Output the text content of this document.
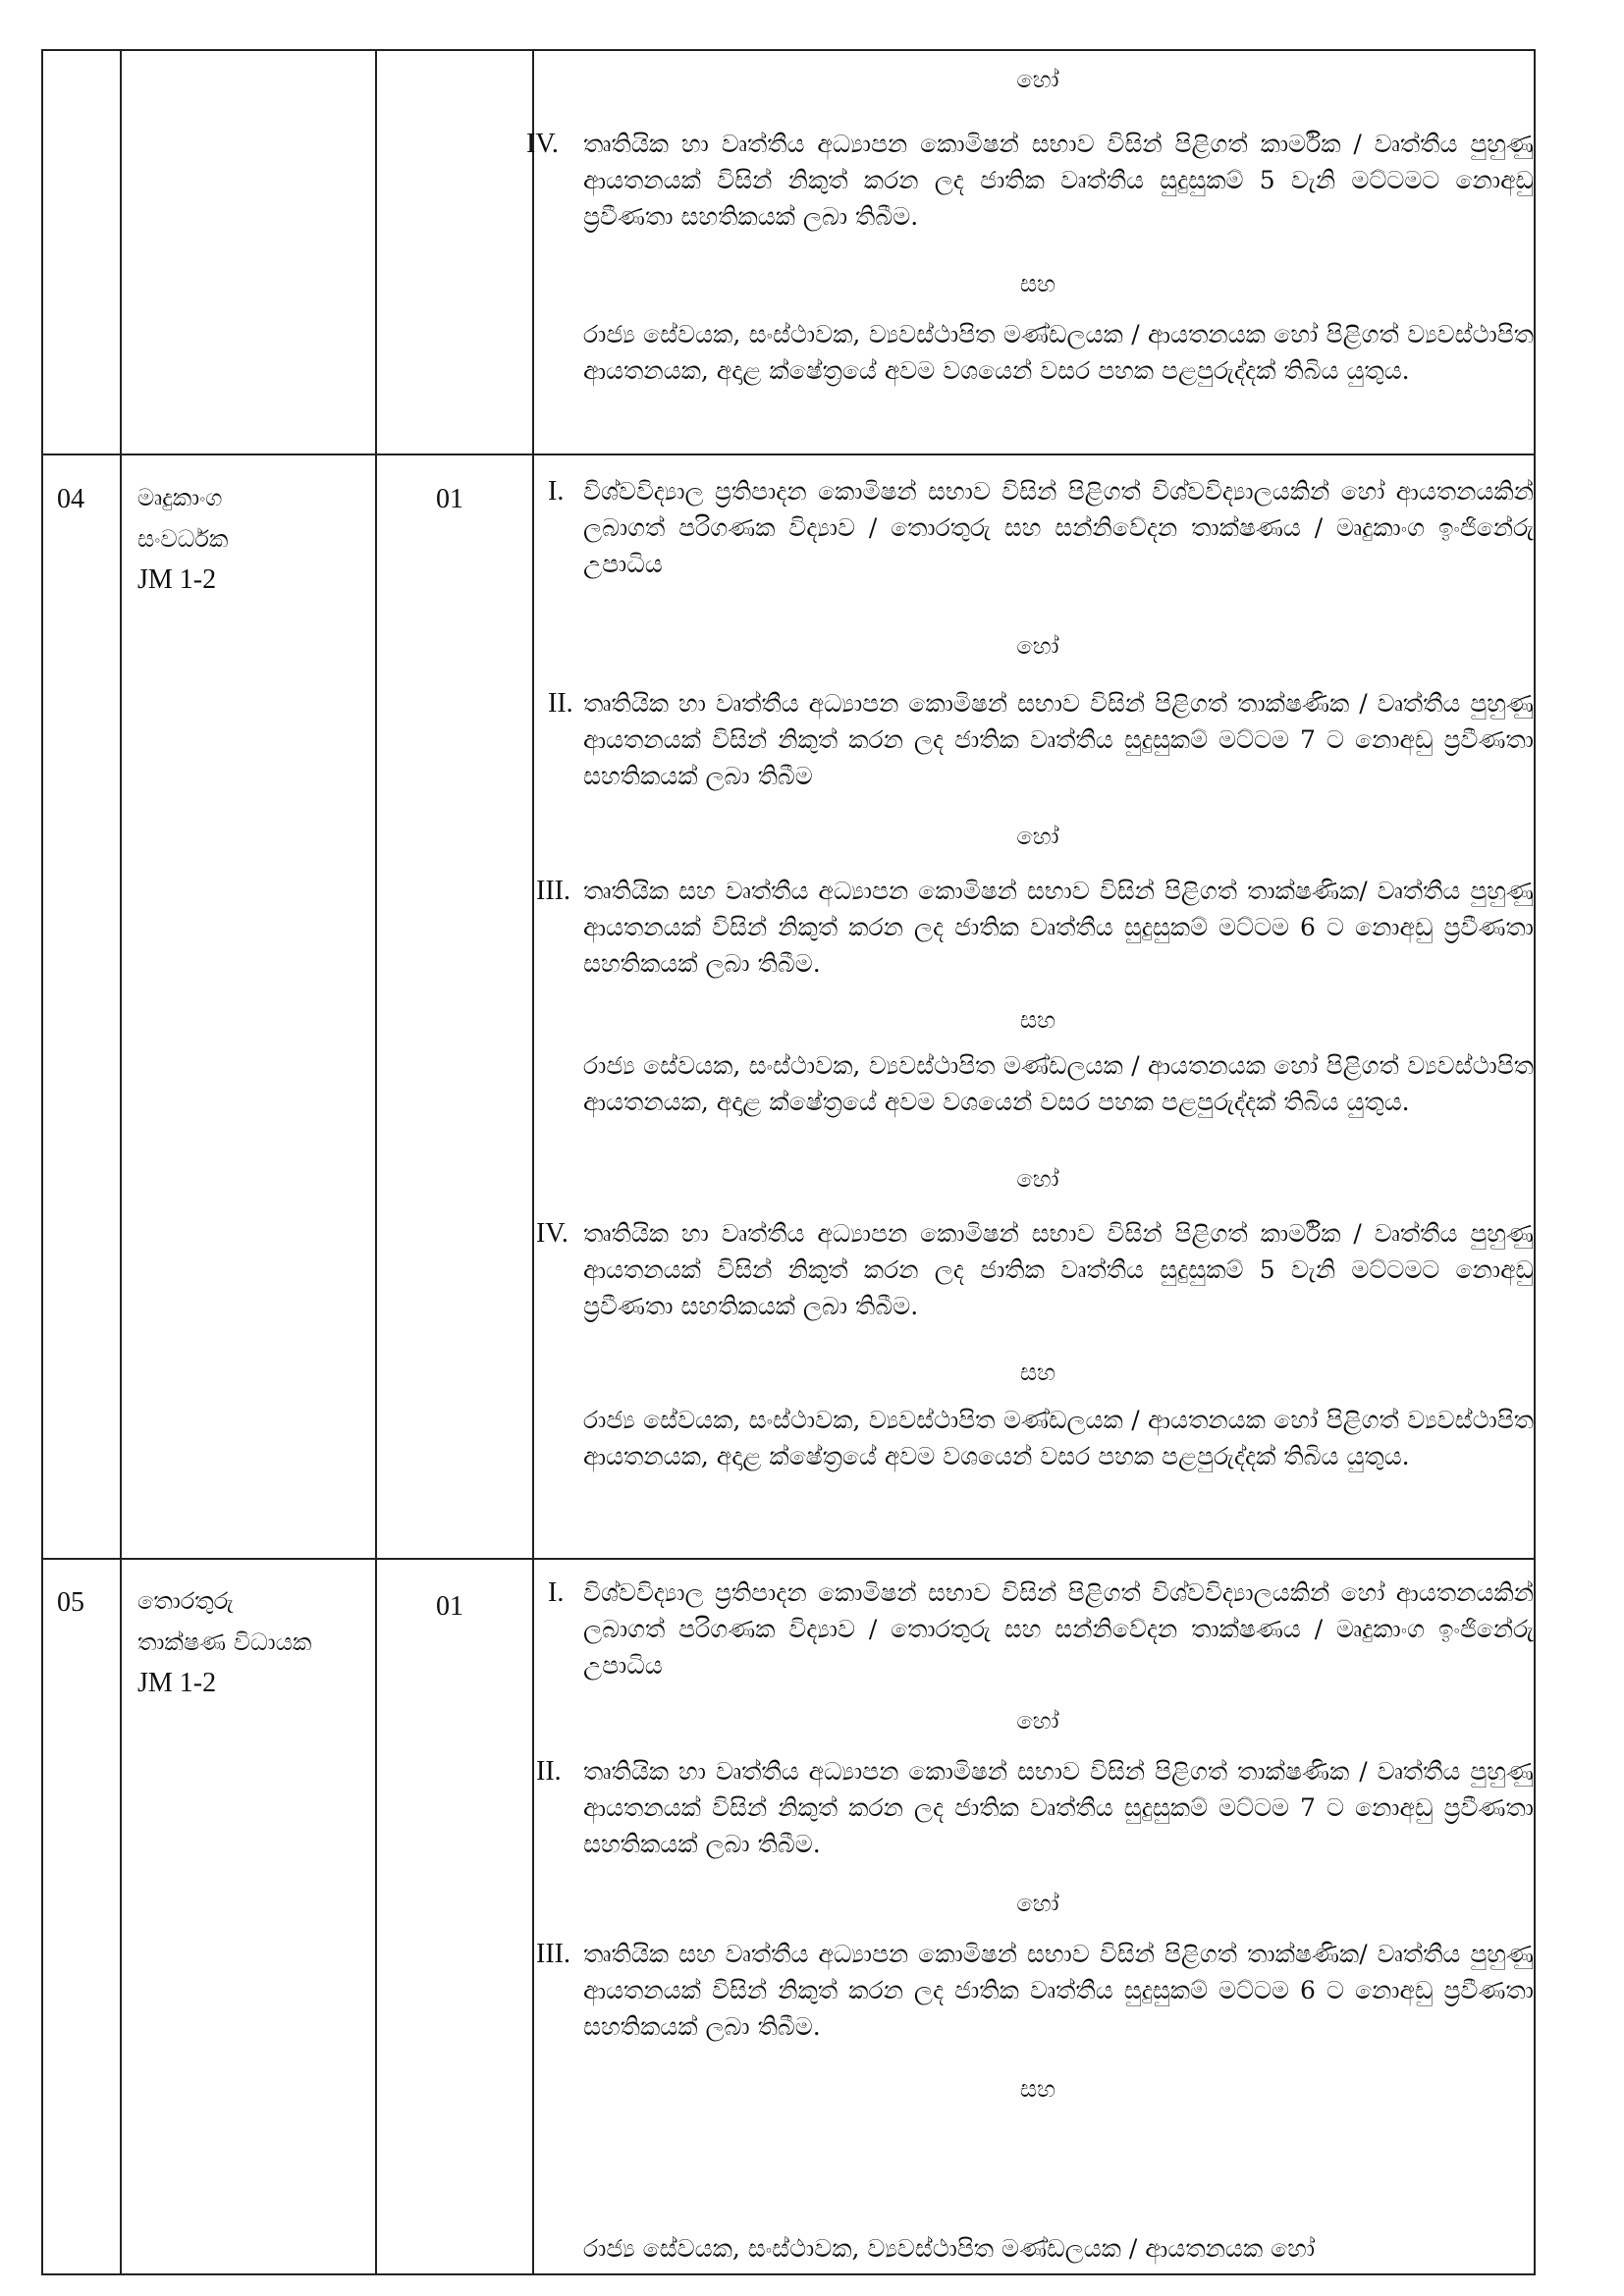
හෝ
IV. තෘතියික හා වෘත්තීය අධ්‍යාපන කොමිෂන් සභාව විසින් පිළිගත් කාර්මික / වෘත්තීය පුහුණු ආයතනයක් විසින් නිකුත් කරන ලද ජාතික වෘත්තීය සුදුසුකම් 5 වැනි මට්ටමට නොඅඩු ප්‍රවීණතා සහතිකයක් ලබා තිබීම.
සහ
රාජ්‍ය සේවයක, සංස්ථාවක, ව්‍යවස්ථාපිත මණ්ඩලයක / ආයතනයක හෝ පිළිගත් ව්‍යවස්ථාපිත ආයතනයක, අදාළ ක්ෂේත්‍රයේ අවම වශයෙන් වසර පහක පළපුරුද්දක් තිබිය යුතුය.
04 මෘදුකාංග
සංවර්ධක
JM 1-2
01	I. විශ්වවිද්‍යාල ප්‍රතිපාදන කොමිෂන් සභාව විසින් පිළිගත් විශ්වවිද්‍යාලයකින් හෝ ආයතනයකින් ලබාගත් පරිගණක විද්‍යාව / තොරතුරු සහ සන්නිවේදන තාක්ෂණය / මෘදුකාංග ඉංජිනේරු උපාධිය
හෝ
II. තෘතියික හා වෘත්තීය අධ්‍යාපන කොමිෂන් සභාව විසින් පිළිගත් තාක්ෂණික / වෘත්තීය පුහුණු ආයතනයක් විසින් නිකුත් කරන ලද ජාතික වෘත්තීය සුදුසුකම් මට්ටම 7 ට නොඅඩු ප්‍රවීණතා සහතිකයක් ලබා තිබීම
හෝ
III. තෘතියික සහ වෘත්තීය අධ්‍යාපන කොමිෂන් සභාව විසින් පිළිගත් තාක්ෂණික/ වෘත්තීය පුහුණු ආයතනයක් විසින් නිකුත් කරන ලද ජාතික වෘත්තීය සුදුසුකම් මට්ටම 6 ට නොඅඩු ප්‍රවීණතා සහතිකයක් ලබා තිබීම.
සහ
රාජ්‍ය සේවයක, සංස්ථාවක, ව්‍යවස්ථාපිත මණ්ඩලයක / ආයතනයක හෝ පිළිගත් ව්‍යවස්ථාපිත ආයතනයක, අදාළ ක්ෂේත්‍රයේ අවම වශයෙන් වසර පහක පළපුරුද්දක් තිබිය යුතුය.
හෝ
IV. තෘතියික හා වෘත්තීය අධ්‍යාපන කොමිෂන් සභාව විසින් පිළිගත් කාර්මික / වෘත්තීය පුහුණු ආයතනයක් විසින් නිකුත් කරන ලද ජාතික වෘත්තීය සුදුසුකම් 5 වැනි මට්ටමට නොඅඩු ප්‍රවීණතා සහතිකයක් ලබා තිබීම.
සහ
රාජ්‍ය සේවයක, සංස්ථාවක, ව්‍යවස්ථාපිත මණ්ඩලයක / ආයතනයක හෝ පිළිගත් ව්‍යවස්ථාපිත ආයතනයක, අදාළ ක්ෂේත්‍රයේ අවම වශයෙන් වසර පහක පළපුරුද්දක් තිබිය යුතුය.
05 තොරතුරු
තාක්ෂණ විධායක
JM 1-2
01	I. විශ්වවිද්‍යාල ප්‍රතිපාදන කොමිෂන් සභාව විසින් පිළිගත් විශ්වවිද්‍යාලයකින් හෝ ආයතනයකින් ලබාගත් පරිගණක විද්‍යාව / තොරතුරු සහ සන්නිවේදන තාක්ෂණය / මෘදුකාංග ඉංජිනේරු උපාධිය
හෝ
II. තෘතියික හා වෘත්තීය අධ්‍යාපන කොමිෂන් සභාව විසින් පිළිගත් තාක්ෂණික / වෘත්තීය පුහුණු ආයතනයක් විසින් නිකුත් කරන ලද ජාතික වෘත්තීය සුදුසුකම් මට්ටම 7 ට නොඅඩු ප්‍රවීණතා සහතිකයක් ලබා තිබීම.
හෝ
III. තෘතියික සහ වෘත්තීය අධ්‍යාපන කොමිෂන් සභාව විසින් පිළිගත් තාක්ෂණික/ වෘත්තීය පුහුණු ආයතනයක් විසින් නිකුත් කරන ලද ජාතික වෘත්තීය සුදුසුකම් මට්ටම 6 ට නොඅඩු ප්‍රවීණතා සහතිකයක් ලබා තිබීම.
සහ
රාජ්‍ය සේවයක, සංස්ථාවක, ව්‍යවස්ථාපිත මණ්ඩලයක / ආයතනයක හෝ
